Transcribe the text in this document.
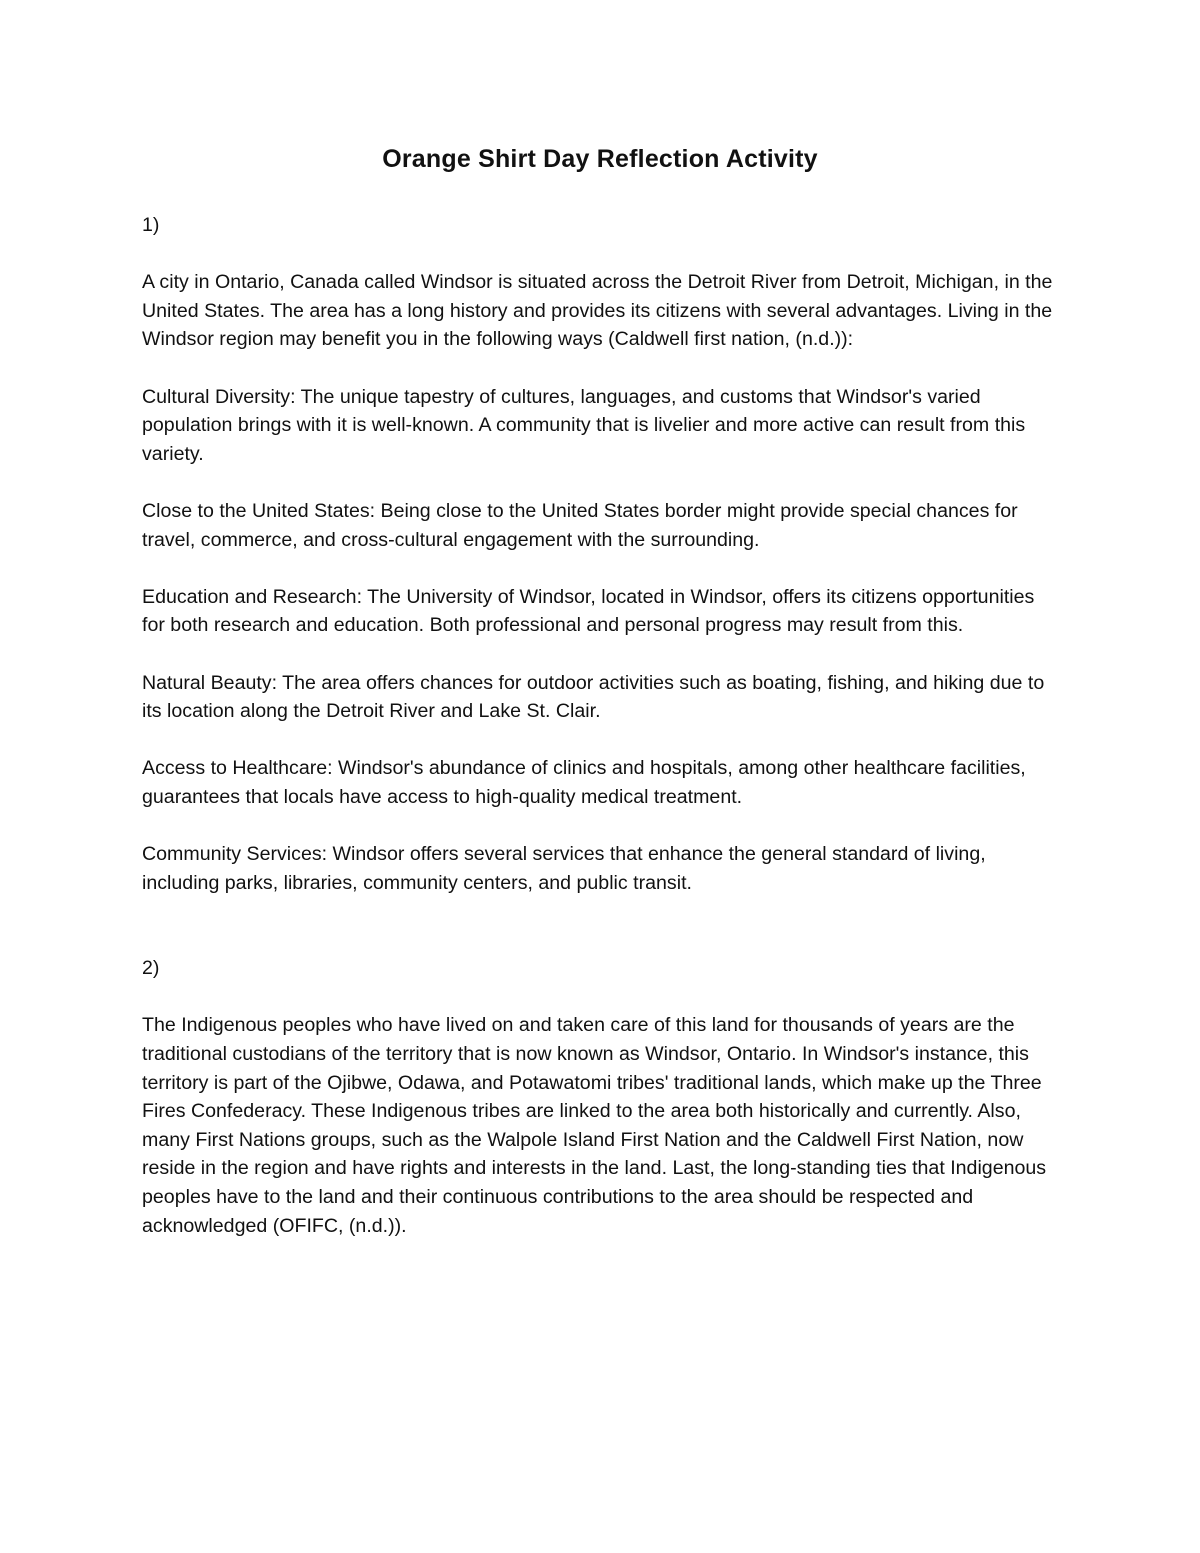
Orange Shirt Day Reflection Activity

1)

A city in Ontario, Canada called Windsor is situated across the Detroit River from Detroit, Michigan, in the United States. The area has a long history and provides its citizens with several advantages. Living in the Windsor region may benefit you in the following ways (Caldwell first nation, (n.d.)):

Cultural Diversity: The unique tapestry of cultures, languages, and customs that Windsor's varied population brings with it is well-known. A community that is livelier and more active can result from this variety.

Close to the United States: Being close to the United States border might provide special chances for travel, commerce, and cross-cultural engagement with the surrounding.

Education and Research: The University of Windsor, located in Windsor, offers its citizens opportunities for both research and education. Both professional and personal progress may result from this.

Natural Beauty: The area offers chances for outdoor activities such as boating, fishing, and hiking due to its location along the Detroit River and Lake St. Clair.

Access to Healthcare: Windsor's abundance of clinics and hospitals, among other healthcare facilities, guarantees that locals have access to high-quality medical treatment.

Community Services: Windsor offers several services that enhance the general standard of living, including parks, libraries, community centers, and public transit.

2)

The Indigenous peoples who have lived on and taken care of this land for thousands of years are the traditional custodians of the territory that is now known as Windsor, Ontario. In Windsor's instance, this territory is part of the Ojibwe, Odawa, and Potawatomi tribes' traditional lands, which make up the Three Fires Confederacy. These Indigenous tribes are linked to the area both historically and currently. Also, many First Nations groups, such as the Walpole Island First Nation and the Caldwell First Nation, now reside in the region and have rights and interests in the land. Last, the long-standing ties that Indigenous peoples have to the land and their continuous contributions to the area should be respected and acknowledged (OFIFC, (n.d.)).
